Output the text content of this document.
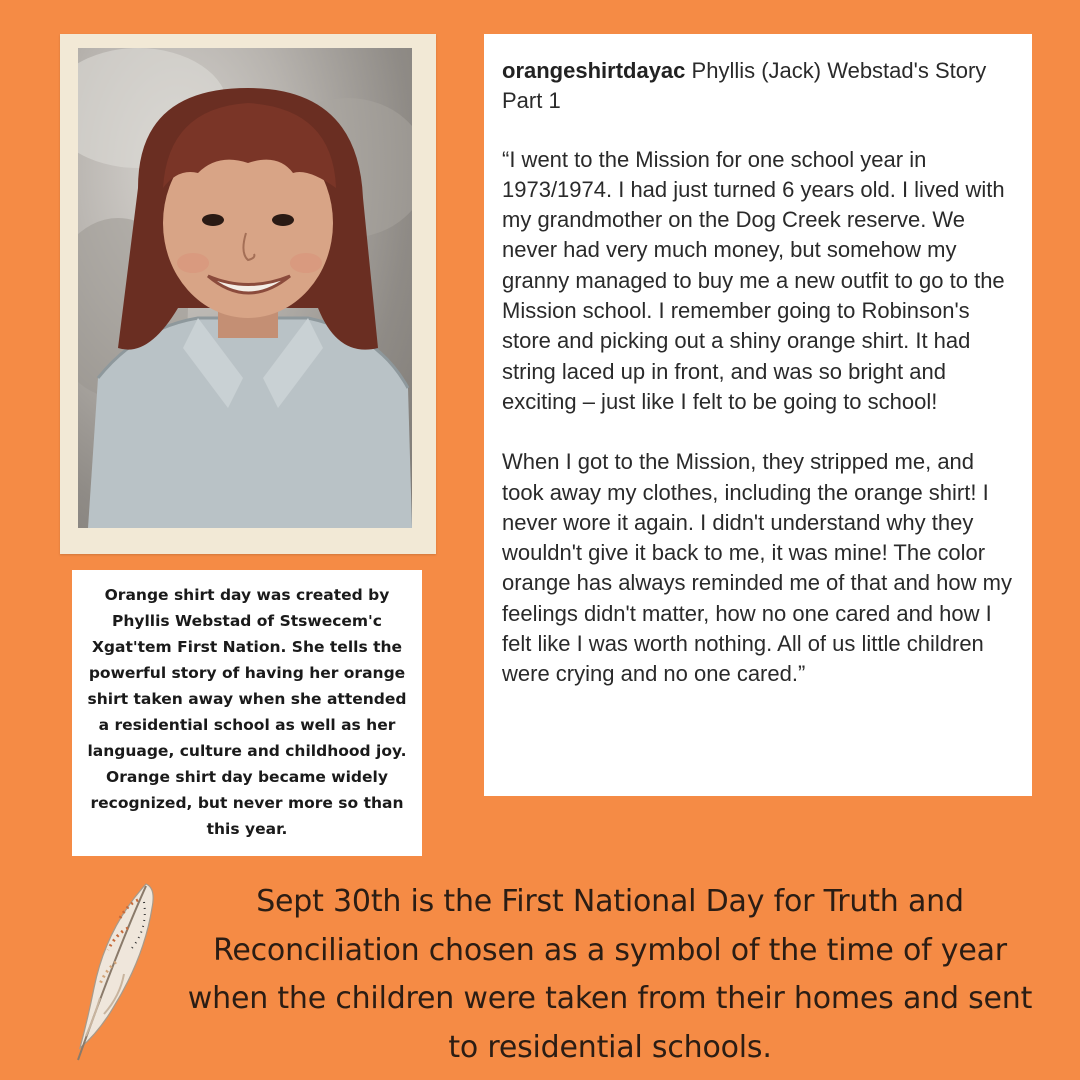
Orange shirt day was created by Phyllis Webstad of Stswecem'c Xgat'tem First Nation. She tells the powerful story of having her orange shirt taken away when she attended a residential school as well as her language, culture and childhood joy. Orange shirt day became widely recognized, but never more so than this year.
orangeshirtdayac Phyllis (Jack) Webstad's Story Part 1

“I went to the Mission for one school year in 1973/1974. I had just turned 6 years old. I lived with my grandmother on the Dog Creek reserve. We never had very much money, but somehow my granny managed to buy me a new outfit to go to the Mission school. I remember going to Robinson's store and picking out a shiny orange shirt. It had string laced up in front, and was so bright and exciting – just like I felt to be going to school!

When I got to the Mission, they stripped me, and took away my clothes, including the orange shirt! I never wore it again. I didn't understand why they wouldn't give it back to me, it was mine! The color orange has always reminded me of that and how my feelings didn't matter, how no one cared and how I felt like I was worth nothing. All of us little children were crying and no one cared.”

Sept 30th is the First National Day for Truth and Reconciliation chosen as a symbol of the time of year when the children were taken from their homes and sent to residential schools.
